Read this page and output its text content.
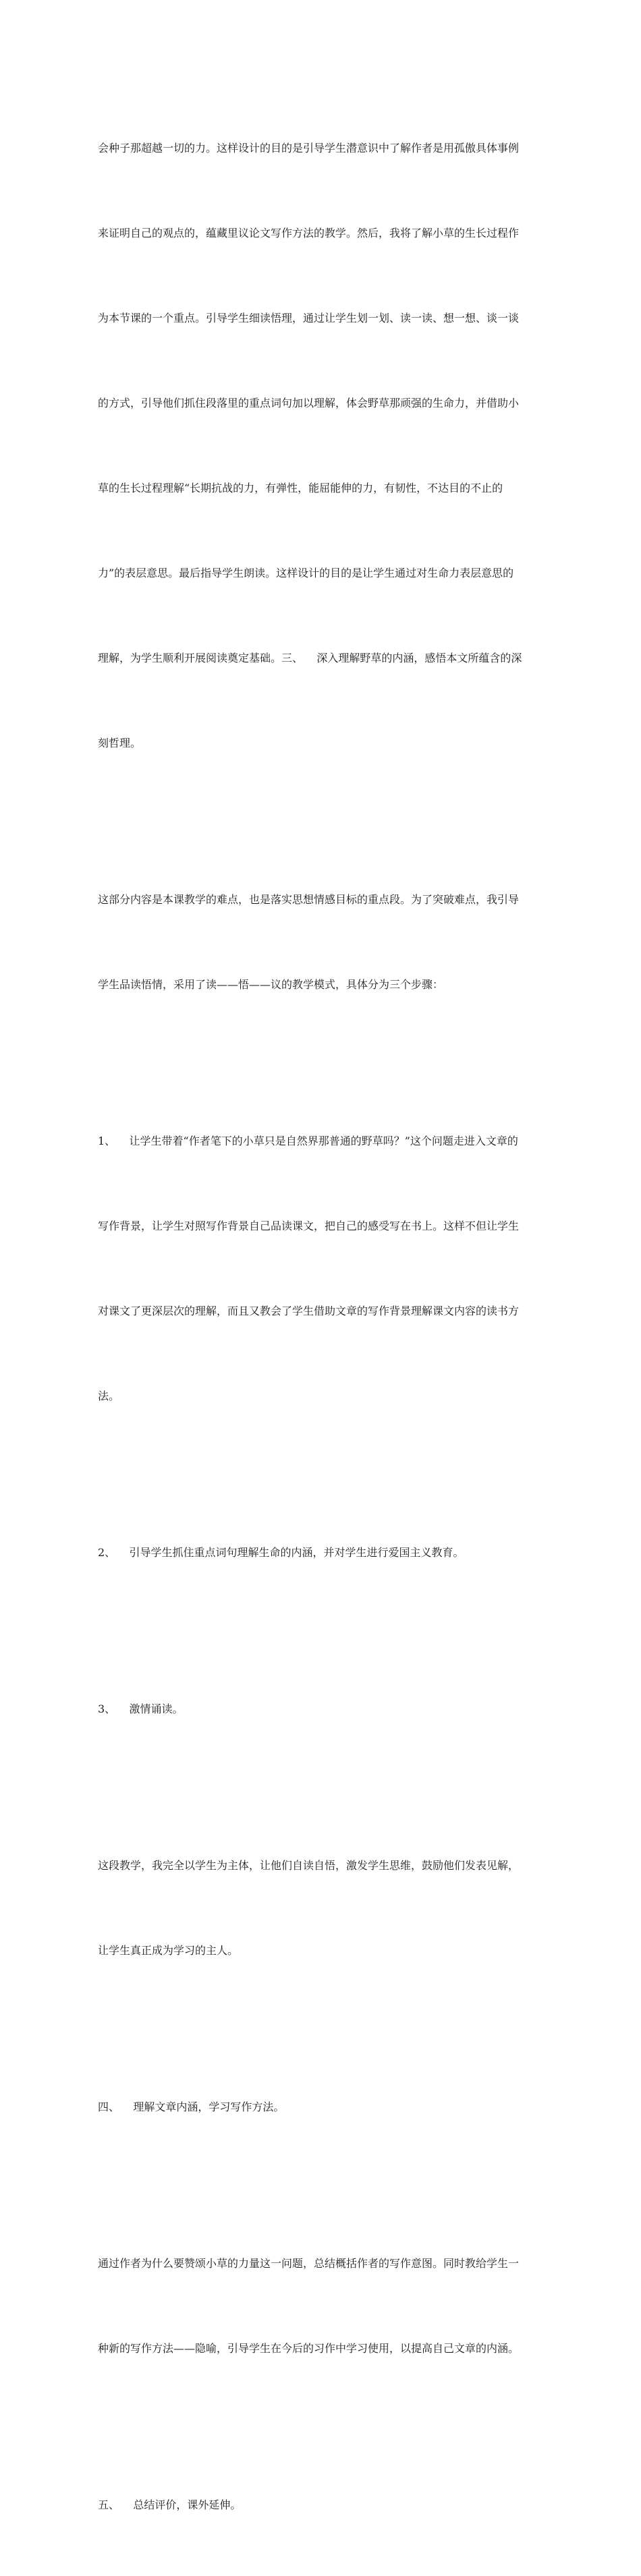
会种子那超越一切的力。这样设计的目的是引导学生潜意识中了解作者是用孤傲具体事例

来证明自己的观点的，蕴藏里议论文写作方法的教学。然后，我将了解小草的生长过程作

为本节课的一个重点。引导学生细读悟理，通过让学生划一划、读一读、想一想、谈一谈

的方式，引导他们抓住段落里的重点词句加以理解，体会野草那顽强的生命力，并借助小

草的生长过程理解“长期抗战的力，有弹性，能屈能伸的力，有韧性，不达目的不止的

力”的表层意思。最后指导学生朗读。这样设计的目的是让学生通过对生命力表层意思的

理解，为学生顺利开展阅读奠定基础。三、    深入理解野草的内涵，感悟本文所蕴含的深

刻哲理。

这部分内容是本课教学的难点，也是落实思想情感目标的重点段。为了突破难点，我引导

学生品读悟情，采用了读——悟——议的教学模式，具体分为三个步骤：

1、    让学生带着“作者笔下的小草只是自然界那普通的野草吗？”这个问题走进入文章的

写作背景，让学生对照写作背景自己品读课文，把自己的感受写在书上。这样不但让学生

对课文了更深层次的理解，而且又教会了学生借助文章的写作背景理解课文内容的读书方

法。

2、    引导学生抓住重点词句理解生命的内涵，并对学生进行爱国主义教育。

3、    激情诵读。

这段教学，我完全以学生为主体，让他们自读自悟，激发学生思维，鼓励他们发表见解，

让学生真正成为学习的主人。

四、    理解文章内涵，学习写作方法。

通过作者为什么要赞颂小草的力量这一问题，总结概括作者的写作意图。同时教给学生一

种新的写作方法——隐喻，引导学生在今后的习作中学习使用，以提高自己文章的内涵。

五、    总结评价，课外延伸。
